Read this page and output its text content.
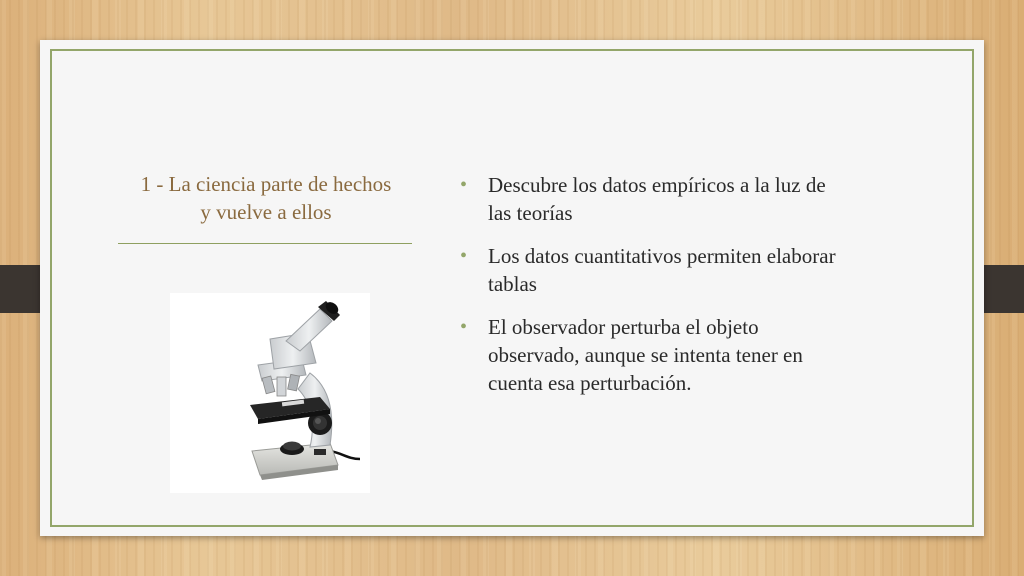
1 - La ciencia parte de hechos
y vuelve a ellos
• Descubre los datos empíricos a la luz de
las teorías
• Los datos cuantitativos permiten elaborar
tablas
• El observador perturba el objeto
observado, aunque se intenta tener en
cuenta esa perturbación.
